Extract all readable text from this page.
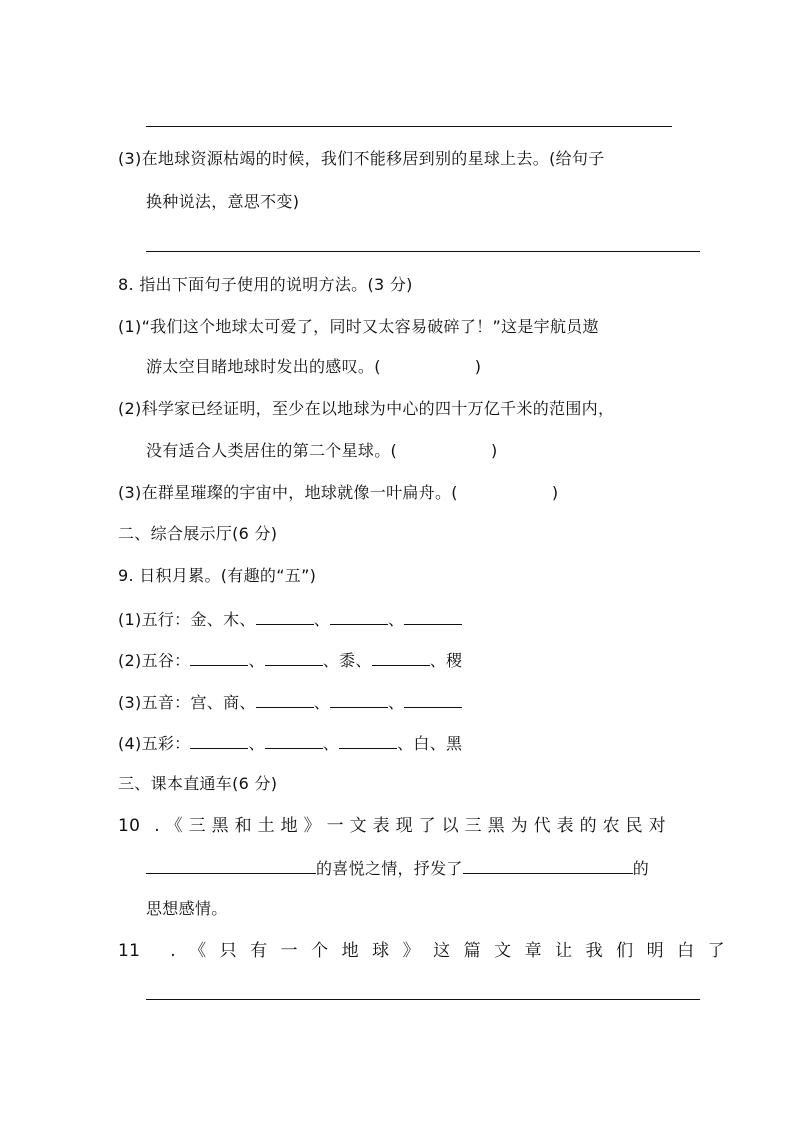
(3)在地球资源枯竭的时候，我们不能移居到别的星球上去。(给句子
换种说法，意思不变)
8. 指出下面句子使用的说明方法。(3 分)
(1)“我们这个地球太可爱了，同时又太容易破碎了！”这是宇航员遨
游太空目睹地球时发出的感叹。(	)
(2)科学家已经证明，至少在以地球为中心的四十万亿千米的范围内，
没有适合人类居住的第二个星球。(	)
(3)在群星璀璨的宇宙中，地球就像一叶扁舟。(	)
二、综合展示厅(6 分)
9. 日积月累。(有趣的“五”)
(1)五行：金、木、	、	、
(2)五谷：	、	、黍、	、稷
(3)五音：宫、商、	、	、
(4)五彩：	、	、	、白、黑
三、课本直通车(6 分)
10 .《三黑和土地》一文表现了以三黑为代表的农民对
的喜悦之情，抒发了	的
思想感情。
11 .《只有一个地球》这篇文章让我们明白了
